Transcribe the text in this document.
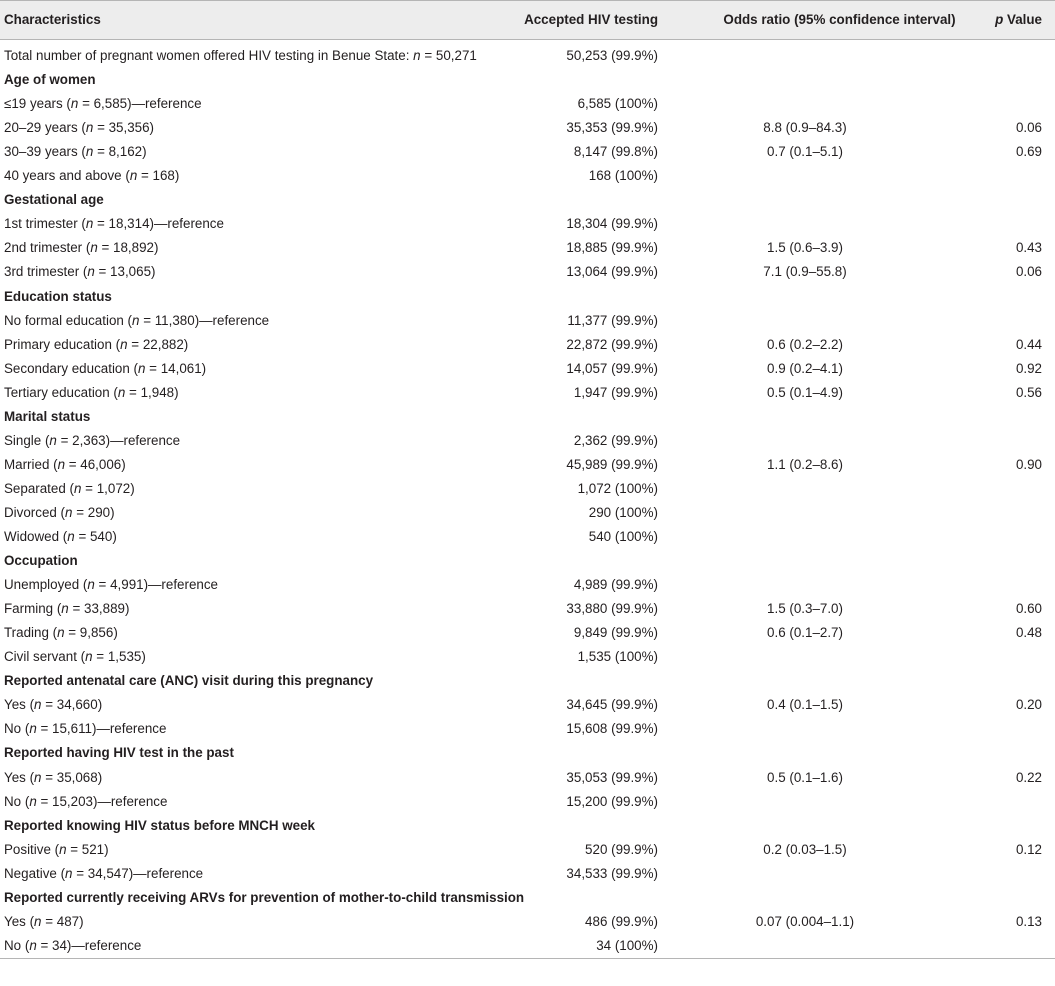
Characteristics	Accepted HIV testing	Odds ratio (95% confidence interval)	p Value
Total number of pregnant women offered HIV testing in Benue State: n = 50,271	50,253 (99.9%)
Age of women
≤19 years (n = 6,585)—reference	6,585 (100%)
20–29 years (n = 35,356)	35,353 (99.9%)	8.8 (0.9–84.3)	0.06
30–39 years (n = 8,162)	8,147 (99.8%)	0.7 (0.1–5.1)	0.69
40 years and above (n = 168)	168 (100%)
Gestational age
1st trimester (n = 18,314)—reference	18,304 (99.9%)
2nd trimester (n = 18,892)	18,885 (99.9%)	1.5 (0.6–3.9)	0.43
3rd trimester (n = 13,065)	13,064 (99.9%)	7.1 (0.9–55.8)	0.06
Education status
No formal education (n = 11,380)—reference	11,377 (99.9%)
Primary education (n = 22,882)	22,872 (99.9%)	0.6 (0.2–2.2)	0.44
Secondary education (n = 14,061)	14,057 (99.9%)	0.9 (0.2–4.1)	0.92
Tertiary education (n = 1,948)	1,947 (99.9%)	0.5 (0.1–4.9)	0.56
Marital status
Single (n = 2,363)—reference	2,362 (99.9%)
Married (n = 46,006)	45,989 (99.9%)	1.1 (0.2–8.6)	0.90
Separated (n = 1,072)	1,072 (100%)
Divorced (n = 290)	290 (100%)
Widowed (n = 540)	540 (100%)
Occupation
Unemployed (n = 4,991)—reference	4,989 (99.9%)
Farming (n = 33,889)	33,880 (99.9%)	1.5 (0.3–7.0)	0.60
Trading (n = 9,856)	9,849 (99.9%)	0.6 (0.1–2.7)	0.48
Civil servant (n = 1,535)	1,535 (100%)
Reported antenatal care (ANC) visit during this pregnancy
Yes (n = 34,660)	34,645 (99.9%)	0.4 (0.1–1.5)	0.20
No (n = 15,611)—reference	15,608 (99.9%)
Reported having HIV test in the past
Yes (n = 35,068)	35,053 (99.9%)	0.5 (0.1–1.6)	0.22
No (n = 15,203)—reference	15,200 (99.9%)
Reported knowing HIV status before MNCH week
Positive (n = 521)	520 (99.9%)	0.2 (0.03–1.5)	0.12
Negative (n = 34,547)—reference	34,533 (99.9%)
Reported currently receiving ARVs for prevention of mother-to-child transmission
Yes (n = 487)	486 (99.9%)	0.07 (0.004–1.1)	0.13
No (n = 34)—reference	34 (100%)
